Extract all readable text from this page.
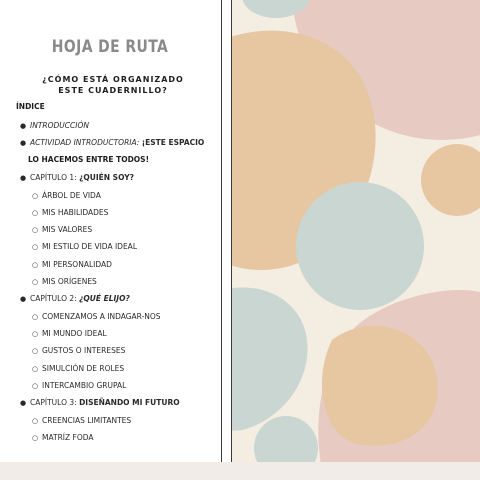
HOJA DE RUTA
¿CÓMO ESTÁ ORGANIZADO ESTE CUADERNILLO?
ÍNDICE
● INTRODUCCIÓN
● ACTIVIDAD INTRODUCTORIA: ¡ESTE ESPACIO
LO HACEMOS ENTRE TODOS!
● CAPÍTULO 1: ¿QUIÉN SOY?
○ ÁRBOL DE VIDA
○ MIS HABILIDADES
○ MIS VALORES
○ MI ESTILO DE VIDA IDEAL
○ MI PERSONALIDAD
○ MIS ORÍGENES
● CAPÍTULO 2: ¿QUÉ ELIJO?
○ COMENZAMOS A INDAGAR-NOS
○ MI MUNDO IDEAL
○ GUSTOS O INTERESES
○ SIMULCIÓN DE ROLES
○ INTERCAMBIO GRUPAL
● CAPÍTULO 3: DISEÑANDO MI FUTURO
○ CREENCIAS LIMITANTES
○ MATRÍZ FODA
